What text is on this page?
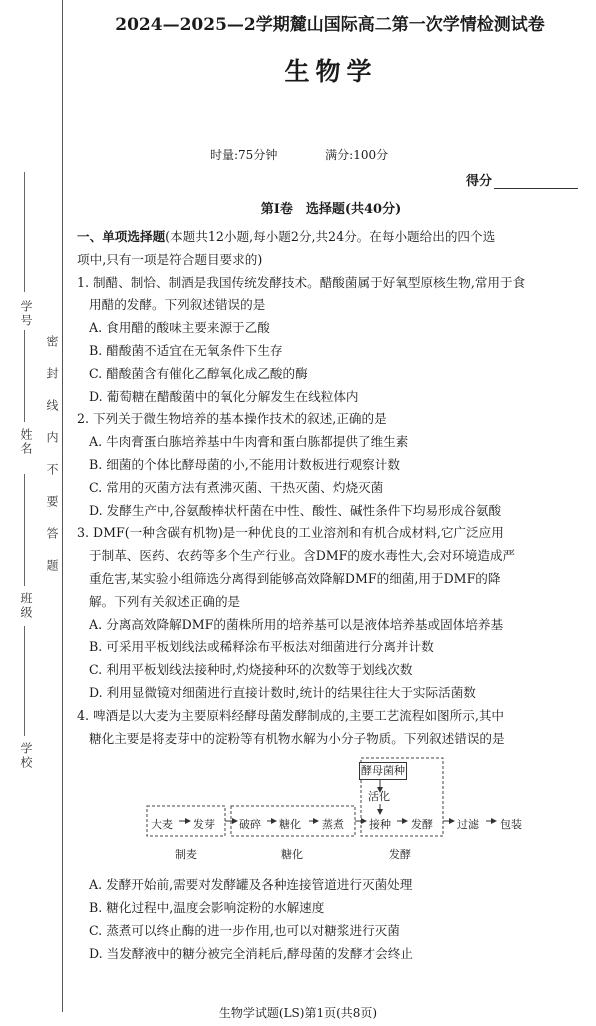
学号
姓名
班级
学校
密封线内不要答题
2024—2025—2学期麓山国际高二第一次学情检测试卷
生物学
时量:75分钟	满分:100分
得分
第Ⅰ卷　选择题(共40分)

一、单项选择题(本题共12小题,每小题2分,共24分。在每小题给出的四个选

项中,只有一项是符合题目要求的)

1. 制醋、制恰、制酒是我国传统发酵技术。醋酸菌属于好氧型原核生物,常用于食

用醋的发酵。下列叙述错误的是

A. 食用醋的酸味主要来源于乙酸

B. 醋酸菌不适宜在无氧条件下生存

C. 醋酸菌含有催化乙醇氧化成乙酸的酶

D. 葡萄糖在醋酸菌中的氧化分解发生在线粒体内

2. 下列关于微生物培养的基本操作技术的叙述,正确的是

A. 牛肉膏蛋白胨培养基中牛肉膏和蛋白胨都提供了维生素

B. 细菌的个体比酵母菌的小,不能用计数板进行观察计数

C. 常用的灭菌方法有煮沸灭菌、干热灭菌、灼烧灭菌

D. 发酵生产中,谷氨酸棒状杆菌在中性、酸性、碱性条件下均易形成谷氨酸

3. DMF(一种含碳有机物)是一种优良的工业溶剂和有机合成材料,它广泛应用

于制革、医药、农药等多个生产行业。含DMF的废水毒性大,会对环境造成严

重危害,某实验小组筛选分离得到能够高效降解DMF的细菌,用于DMF的降

解。下列有关叙述正确的是

A. 分离高效降解DMF的菌株所用的培养基可以是液体培养基或固体培养基

B. 可采用平板划线法或稀释涂布平板法对细菌进行分离并计数

C. 利用平板划线法接种时,灼烧接种环的次数等于划线次数

D. 利用显微镜对细菌进行直接计数时,统计的结果往往大于实际活菌数

4. 啤酒是以大麦为主要原料经酵母菌发酵制成的,主要工艺流程如图所示,其中

糖化主要是将麦芽中的淀粉等有机物水解为小分子物质。下列叙述错误的是

酵母菌种
活化
大麦 发芽 破碎 糖化 蒸煮 接种 发酵 过滤 包装
制麦	糖化	发酵

A. 发酵开始前,需要对发酵罐及各种连接管道进行灭菌处理

B. 糖化过程中,温度会影响淀粉的水解速度

C. 蒸煮可以终止酶的进一步作用,也可以对糖浆进行灭菌

D. 当发酵液中的糖分被完全消耗后,酵母菌的发酵才会终止

生物学试题(LS)第1页(共8页)
